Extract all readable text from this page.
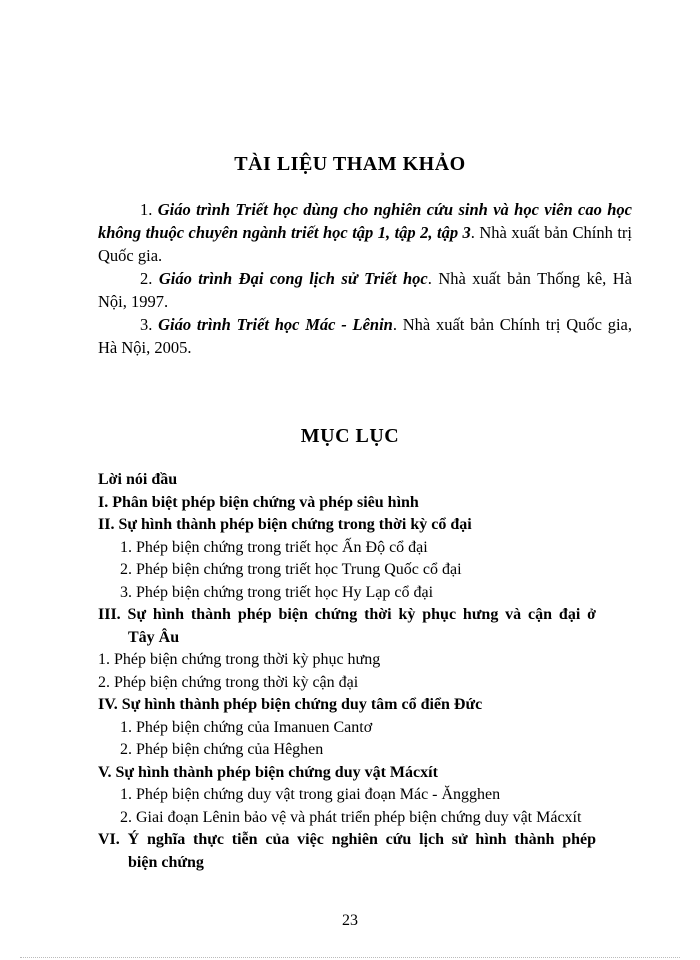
TÀI LIỆU THAM KHẢO

1. Giáo trình Triết học dùng cho nghiên cứu sinh và học viên cao học không thuộc chuyên ngành triết học tập 1, tập 2, tập 3. Nhà xuất bản Chính trị Quốc gia.

2. Giáo trình Đại cong lịch sử Triết học. Nhà xuất bản Thống kê, Hà Nội, 1997.

3. Giáo trình Triết học Mác - Lênin. Nhà xuất bản Chính trị Quốc gia, Hà Nội, 2005.

MỤC LỤC
Lời nói đầu
I. Phân biệt phép biện chứng và phép siêu hình
II. Sự hình thành phép biện chứng trong thời kỳ cổ đại
1. Phép biện chứng trong triết học Ấn Độ cổ đại
2. Phép biện chứng trong triết học Trung Quốc cổ đại
3. Phép biện chứng trong triết học Hy Lạp cổ đại
III. Sự hình thành phép biện chứng thời kỳ phục hưng và cận đại ở
Tây Âu
1. Phép biện chứng trong thời kỳ phục hưng
2. Phép biện chứng trong thời kỳ cận đại
IV. Sự hình thành phép biện chứng duy tâm cổ điển Đức
1. Phép biện chứng của Imanuen Cantơ
2. Phép biện chứng của Hêghen
V. Sự hình thành phép biện chứng duy vật Mácxít
1. Phép biện chứng duy vật trong giai đoạn Mác - Ăngghen
2. Giai đoạn Lênin bảo vệ và phát triển phép biện chứng duy vật Mácxít
VI. Ý nghĩa thực tiễn của việc nghiên cứu lịch sử hình thành phép
biện chứng
23
